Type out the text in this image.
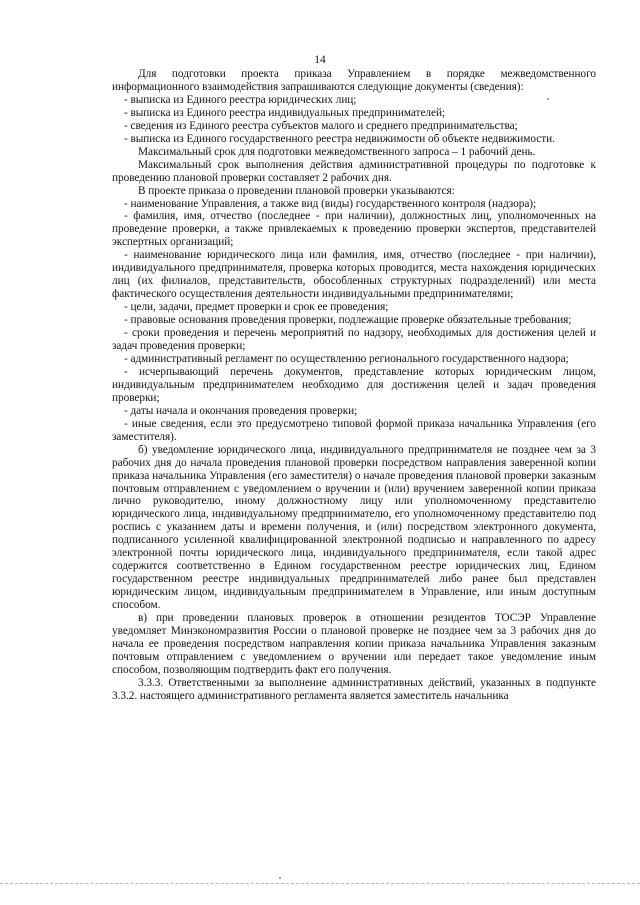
14

Для подготовки проекта приказа Управлением в порядке межведомственного информационного взаимодействия запрашиваются следующие документы (сведения):

- выписка из Единого реестра юридических лиц;

- выписка из Единого реестра индивидуальных предпринимателей;

- сведения из Единого реестра субъектов малого и среднего предпринимательства;

- выписка из Единого государственного реестра недвижимости об объекте недвижимости.

Максимальный срок для подготовки межведомственного запроса – 1 рабочий день.

Максимальный срок выполнения действия административной процедуры по подготовке к проведению плановой проверки составляет 2 рабочих дня.

В проекте приказа о проведении плановой проверки указываются:

- наименование Управления, а также вид (виды) государственного контроля (надзора);

- фамилия, имя, отчество (последнее - при наличии), должностных лиц, уполномоченных на проведение проверки, а также привлекаемых к проведению проверки экспертов, представителей экспертных организаций;

- наименование юридического лица или фамилия, имя, отчество (последнее - при наличии), индивидуального предпринимателя, проверка которых проводится, места нахождения юридических лиц (их филиалов, представительств, обособленных структурных подразделений) или места фактического осуществления деятельности индивидуальными предпринимателями;

- цели, задачи, предмет проверки и срок ее проведения;

- правовые основания проведения проверки, подлежащие проверке обязательные требования;

- сроки проведения и перечень мероприятий по надзору, необходимых для достижения целей и задач проведения проверки;

- административный регламент по осуществлению регионального государственного надзора;

- исчерпывающий перечень документов, представление которых юридическим лицом, индивидуальным предпринимателем необходимо для достижения целей и задач проведения проверки;

- даты начала и окончания проведения проверки;

- иные сведения, если это предусмотрено типовой формой приказа начальника Управления (его заместителя).

б) уведомление юридического лица, индивидуального предпринимателя не позднее чем за 3 рабочих дня до начала проведения плановой проверки посредством направления заверенной копии приказа начальника Управления (его заместителя) о начале проведения плановой проверки заказным почтовым отправлением с уведомлением о вручении и (или) вручением заверенной копии приказа лично руководителю, иному должностному лицу или уполномоченному представителю юридического лица, индивидуальному предпринимателю, его уполномоченному представителю под роспись с указанием даты и времени получения, и (или) посредством электронного документа, подписанного усиленной квалифицированной электронной подписью и направленного по адресу электронной почты юридического лица, индивидуального предпринимателя, если такой адрес содержится соответственно в Едином государственном реестре юридических лиц, Едином государственном реестре индивидуальных предпринимателей либо ранее был представлен юридическим лицом, индивидуальным предпринимателем в Управление, или иным доступным способом.

в) при проведении плановых проверок в отношении резидентов ТОСЭР Управление уведомляет Минэкономразвития России о плановой проверке не позднее чем за 3 рабочих дня до начала ее проведения посредством направления копии приказа начальника Управления заказным почтовым отправлением с уведомлением о вручении или передает такое уведомление иным способом, позволяющим подтвердить факт его получения.

3.3.3. Ответственными за выполнение административных действий, указанных в подпункте 3.3.2. настоящего административного регламента является заместитель начальника
